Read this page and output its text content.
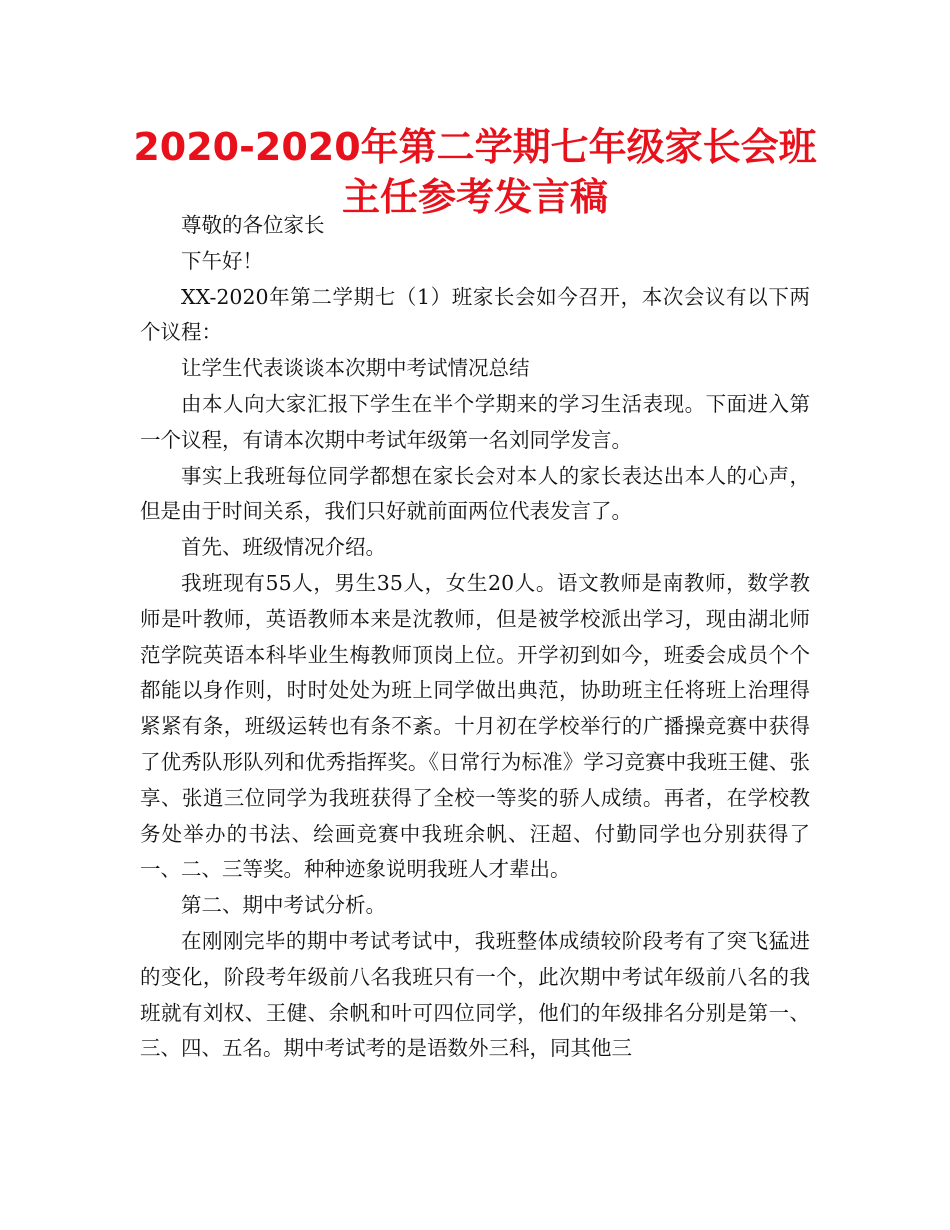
2020-2020年第二学期七年级家长会班主任参考发言稿

尊敬的各位家长

下午好！

XX-2020年第二学期七（1）班家长会如今召开，本次会议有以下两个议程：

让学生代表谈谈本次期中考试情况总结

由本人向大家汇报下学生在半个学期来的学习生活表现。下面进入第一个议程，有请本次期中考试年级第一名刘同学发言。

事实上我班每位同学都想在家长会对本人的家长表达出本人的心声，但是由于时间关系，我们只好就前面两位代表发言了。

首先、班级情况介绍。

我班现有55人，男生35人，女生20人。语文教师是南教师，数学教师是叶教师，英语教师本来是沈教师，但是被学校派出学习，现由湖北师范学院英语本科毕业生梅教师顶岗上位。开学初到如今，班委会成员个个都能以身作则，时时处处为班上同学做出典范，协助班主任将班上治理得紧紧有条，班级运转也有条不紊。十月初在学校举行的广播操竞赛中获得了优秀队形队列和优秀指挥奖。《日常行为标准》学习竞赛中我班王健、张享、张逍三位同学为我班获得了全校一等奖的骄人成绩。再者，在学校教务处举办的书法、绘画竞赛中我班余帆、汪超、付勤同学也分别获得了一、二、三等奖。种种迹象说明我班人才辈出。

第二、期中考试分析。

在刚刚完毕的期中考试考试中，我班整体成绩较阶段考有了突飞猛进的变化，阶段考年级前八名我班只有一个，此次期中考试年级前八名的我班就有刘权、王健、余帆和叶可四位同学，他们的年级排名分别是第一、三、四、五名。期中考试考的是语数外三科，同其他三
